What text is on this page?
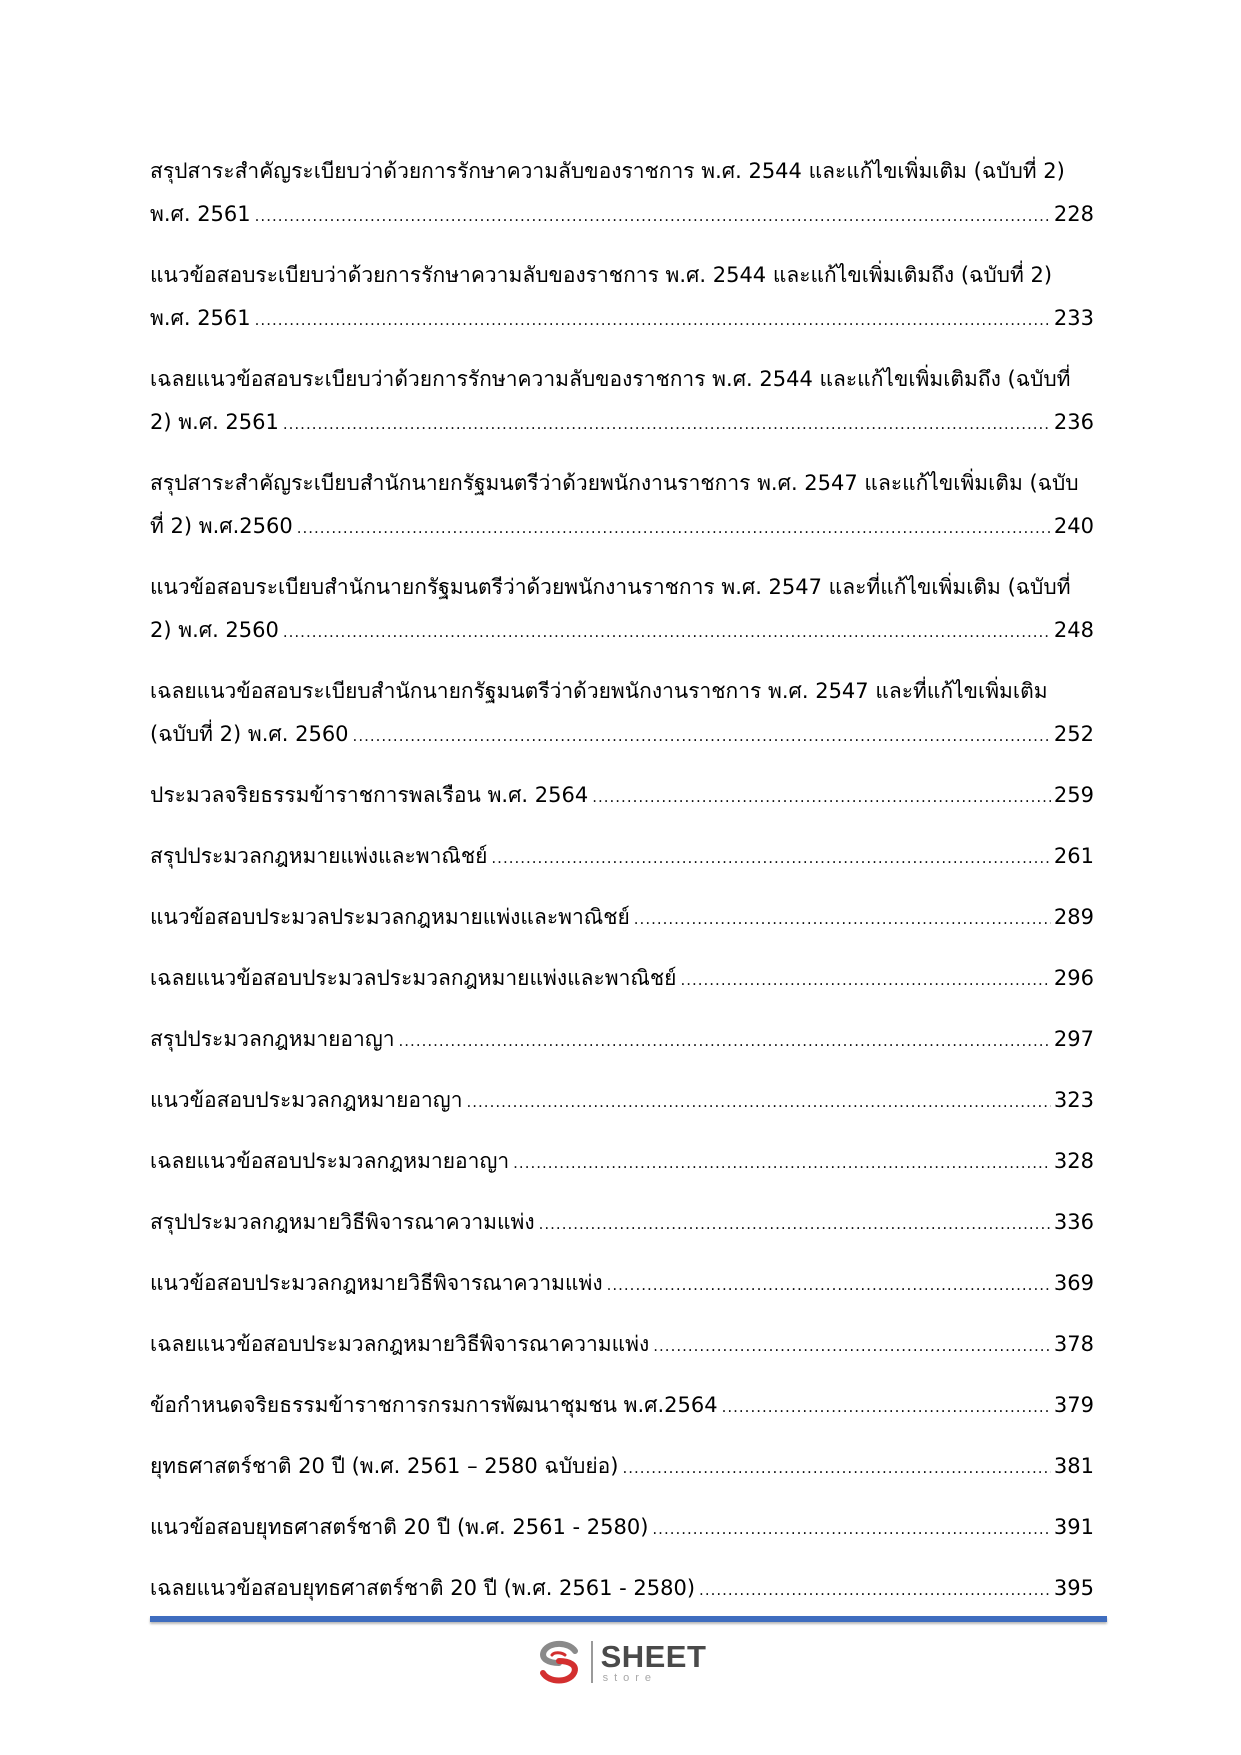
สรุปสาระสำคัญระเบียบว่าด้วยการรักษาความลับของราชการ พ.ศ. 2544 และแก้ไขเพิ่มเติม (ฉบับที่ 2)
พ.ศ. 2561 .....	228
แนวข้อสอบระเบียบว่าด้วยการรักษาความลับของราชการ พ.ศ. 2544 และแก้ไขเพิ่มเติมถึง (ฉบับที่ 2)
พ.ศ. 2561 .....	233
เฉลยแนวข้อสอบระเบียบว่าด้วยการรักษาความลับของราชการ พ.ศ. 2544 และแก้ไขเพิ่มเติมถึง (ฉบับที่
2) พ.ศ. 2561 .....	236
สรุปสาระสำคัญระเบียบสำนักนายกรัฐมนตรีว่าด้วยพนักงานราชการ พ.ศ. 2547 และแก้ไขเพิ่มเติม (ฉบับ
ที่ 2) พ.ศ.2560 .....	240
แนวข้อสอบระเบียบสำนักนายกรัฐมนตรีว่าด้วยพนักงานราชการ พ.ศ. 2547 และที่แก้ไขเพิ่มเติม (ฉบับที่
2) พ.ศ. 2560 .....	248
เฉลยแนวข้อสอบระเบียบสำนักนายกรัฐมนตรีว่าด้วยพนักงานราชการ พ.ศ. 2547 และที่แก้ไขเพิ่มเติม
(ฉบับที่ 2) พ.ศ. 2560 .....	252
ประมวลจริยธรรมข้าราชการพลเรือน พ.ศ. 2564 .....	259
สรุปประมวลกฎหมายแพ่งและพาณิชย์ .....	261
แนวข้อสอบประมวลประมวลกฎหมายแพ่งและพาณิชย์ .....	289
เฉลยแนวข้อสอบประมวลประมวลกฎหมายแพ่งและพาณิชย์ .....	296
สรุปประมวลกฎหมายอาญา .....	297
แนวข้อสอบประมวลกฎหมายอาญา .....	323
เฉลยแนวข้อสอบประมวลกฎหมายอาญา .....	328
สรุปประมวลกฎหมายวิธีพิจารณาความแพ่ง .....	336
แนวข้อสอบประมวลกฎหมายวิธีพิจารณาความแพ่ง .....	369
เฉลยแนวข้อสอบประมวลกฎหมายวิธีพิจารณาความแพ่ง .....	378
ข้อกำหนดจริยธรรมข้าราชการกรมการพัฒนาชุมชน พ.ศ.2564 .....	379
ยุทธศาสตร์ชาติ 20 ปี (พ.ศ. 2561 – 2580 ฉบับย่อ) .....	381
แนวข้อสอบยุทธศาสตร์ชาติ 20 ปี (พ.ศ. 2561 - 2580) .....	391
เฉลยแนวข้อสอบยุทธศาสตร์ชาติ 20 ปี (พ.ศ. 2561 - 2580) .....	395
SHEET
store
